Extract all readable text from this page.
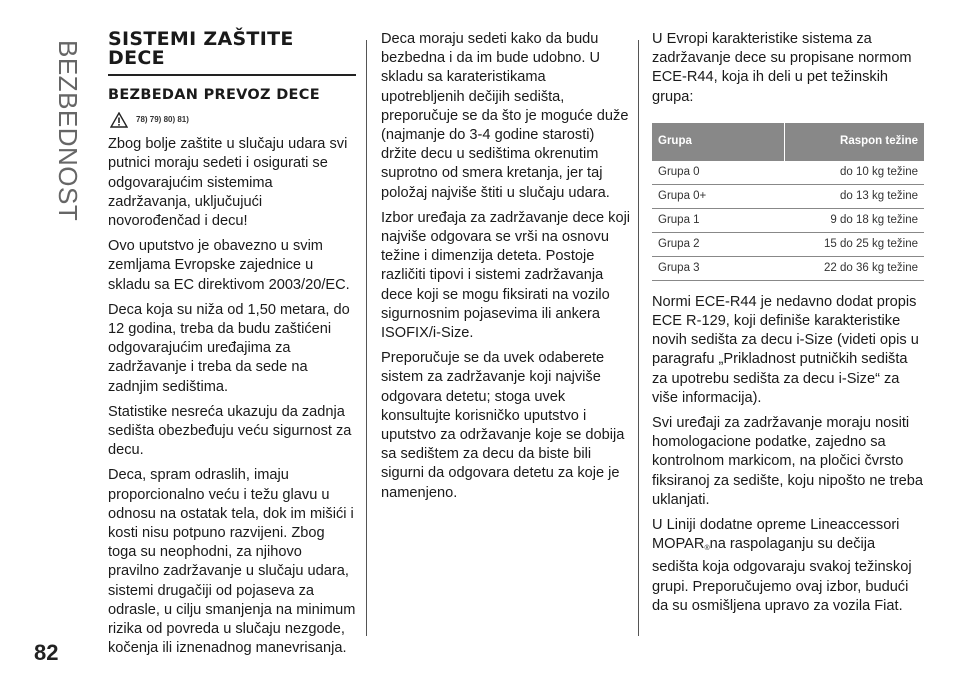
BEZBEDNOST
82
SISTEMI ZAŠTITE DECE
BEZBEDAN PREVOZ DECE
78) 79) 80) 81)

Zbog bolje zaštite u slučaju udara svi putnici moraju sedeti i osigurati se odgovarajućim sistemima zadržavanja, uključujući novorođenčad i decu!

Ovo uputstvo je obavezno u svim zemljama Evropske zajednice u skladu sa EC direktivom 2003/20/EC.

Deca koja su niža od 1,50 metara, do 12 godina, treba da budu zaštićeni odgovarajućim uređajima za zadržavanje i treba da sede na zadnjim sedištima.

Statistike nesreća ukazuju da zadnja sedišta obezbeđuju veću sigurnost za decu.

Deca, spram odraslih, imaju proporcionalno veću i težu glavu u odnosu na ostatak tela, dok im mišići i kosti nisu potpuno razvijeni. Zbog toga su neophodni, za njihovo pravilno zadržavanje u slučaju udara, sistemi drugačiji od pojaseva za odrasle, u cilju smanjenja na minimum rizika od povreda u slučaju nezgode, kočenja ili iznenadnog manevrisanja.

Deca moraju sedeti kako da budu bezbedna i da im bude udobno. U skladu sa karateristikama upotrebljenih dečijih sedišta, preporučuje se da što je moguće duže (najmanje do 3-4 godine starosti) držite decu u sedištima okrenutim suprotno od smera kretanja, jer taj položaj najviše štiti u slučaju udara.

Izbor uređaja za zadržavanje dece koji najviše odgovara se vrši na osnovu težine i dimenzija deteta. Postoje različiti tipovi i sistemi zadržavanja dece koji se mogu fiksirati na vozilo sigurnosnim pojasevima ili ankera ISOFIX/i-Size.

Preporučuje se da uvek odaberete sistem za zadržavanje koji najviše odgovara detetu; stoga uvek konsultujte korisničko uputstvo i uputstvo za održavanje koje se dobija sa sedištem za decu da biste bili sigurni da odgovara detetu za koje je namenjeno.

U Evropi karakteristike sistema za zadržavanje dece su propisane normom ECE-R44, koja ih deli u pet težinskih grupa:

Grupa	Raspon težine
Grupa 0	do 10 kg težine
Grupa 0+	do 13 kg težine
Grupa 1	9 do 18 kg težine
Grupa 2	15 do 25 kg težine
Grupa 3	22 do 36 kg težine

Normi ECE-R44 je nedavno dodat propis ECE R-129, koji definiše karakteristike novih sedišta za decu i-Size (videti opis u paragrafu „Prikladnost putničkih sedišta za upotrebu sedišta za decu i-Size“ za više informacija).

Svi uređaji za zadržavanje moraju nositi homologacione podatke, zajedno sa kontrolnom markicom, na pločici čvrsto fiksiranoj za sedište, koju nipošto ne treba uklanjati.

U Liniji dodatne opreme Lineaccessori MOPAR®na raspolaganju su dečija sedišta koja odgovaraju svakoj težinskoj grupi. Preporučujemo ovaj izbor, budući da su osmišljena upravo za vozila Fiat.
